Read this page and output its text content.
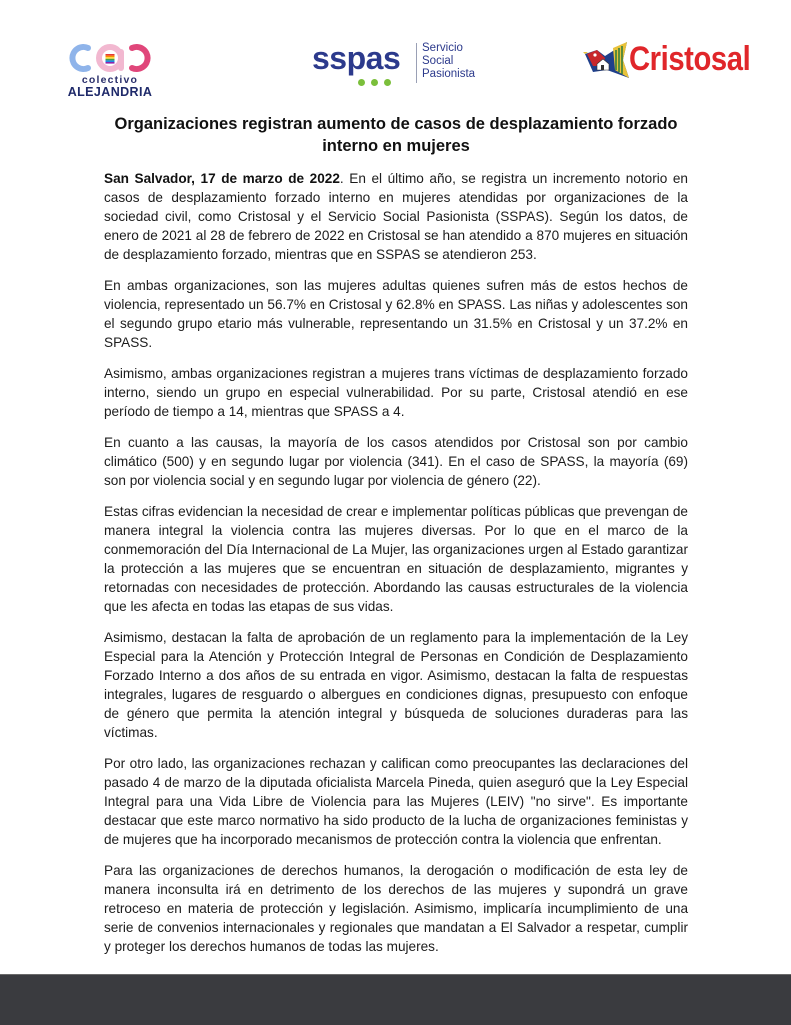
colectivo
ALEJANDRIA
sspas Servicio
Social
Pasionista	Cristosal
Organizaciones registran aumento de casos de desplazamiento forzado
interno en mujeres

San Salvador, 17 de marzo de 2022. En el último año, se registra un incremento notorio en casos de desplazamiento forzado interno en mujeres atendidas por organizaciones de la sociedad civil, como Cristosal y el Servicio Social Pasionista (SSPAS). Según los datos, de enero de 2021 al 28 de febrero de 2022 en Cristosal se han atendido a 870 mujeres en situación de desplazamiento forzado, mientras que en SSPAS se atendieron 253.

En ambas organizaciones, son las mujeres adultas quienes sufren más de estos hechos de violencia, representado un 56.7% en Cristosal y 62.8% en SPASS. Las niñas y adolescentes son el segundo grupo etario más vulnerable, representando un 31.5% en Cristosal y un 37.2% en SPASS.

Asimismo, ambas organizaciones registran a mujeres trans víctimas de desplazamiento forzado interno, siendo un grupo en especial vulnerabilidad. Por su parte, Cristosal atendió en ese período de tiempo a 14, mientras que SPASS a 4.

En cuanto a las causas, la mayoría de los casos atendidos por Cristosal son por cambio climático (500) y en segundo lugar por violencia (341). En el caso de SPASS, la mayoría (69) son por violencia social y en segundo lugar por violencia de género (22).

Estas cifras evidencian la necesidad de crear e implementar políticas públicas que prevengan de manera integral la violencia contra las mujeres diversas. Por lo que en el marco de la conmemoración del Día Internacional de La Mujer, las organizaciones urgen al Estado garantizar la protección a las mujeres que se encuentran en situación de desplazamiento, migrantes y retornadas con necesidades de protección. Abordando las causas estructurales de la violencia que les afecta en todas las etapas de sus vidas.

Asimismo, destacan la falta de aprobación de un reglamento para la implementación de la Ley Especial para la Atención y Protección Integral de Personas en Condición de Desplazamiento Forzado Interno a dos años de su entrada en vigor. Asimismo, destacan la falta de respuestas integrales, lugares de resguardo o albergues en condiciones dignas, presupuesto con enfoque de género que permita la atención integral y búsqueda de soluciones duraderas para las víctimas.

Por otro lado, las organizaciones rechazan y califican como preocupantes las declaraciones del pasado 4 de marzo de la diputada oficialista Marcela Pineda, quien aseguró que la Ley Especial Integral para una Vida Libre de Violencia para las Mujeres (LEIV) "no sirve". Es importante destacar que este marco normativo ha sido producto de la lucha de organizaciones feministas y de mujeres que ha incorporado mecanismos de protección contra la violencia que enfrentan.

Para las organizaciones de derechos humanos, la derogación o modificación de esta ley de manera inconsulta irá en detrimento de los derechos de las mujeres y supondrá un grave retroceso en materia de protección y legislación. Asimismo, implicaría incumplimiento de una serie de convenios internacionales y regionales que mandatan a El Salvador a respetar, cumplir y proteger los derechos humanos de todas las mujeres.
